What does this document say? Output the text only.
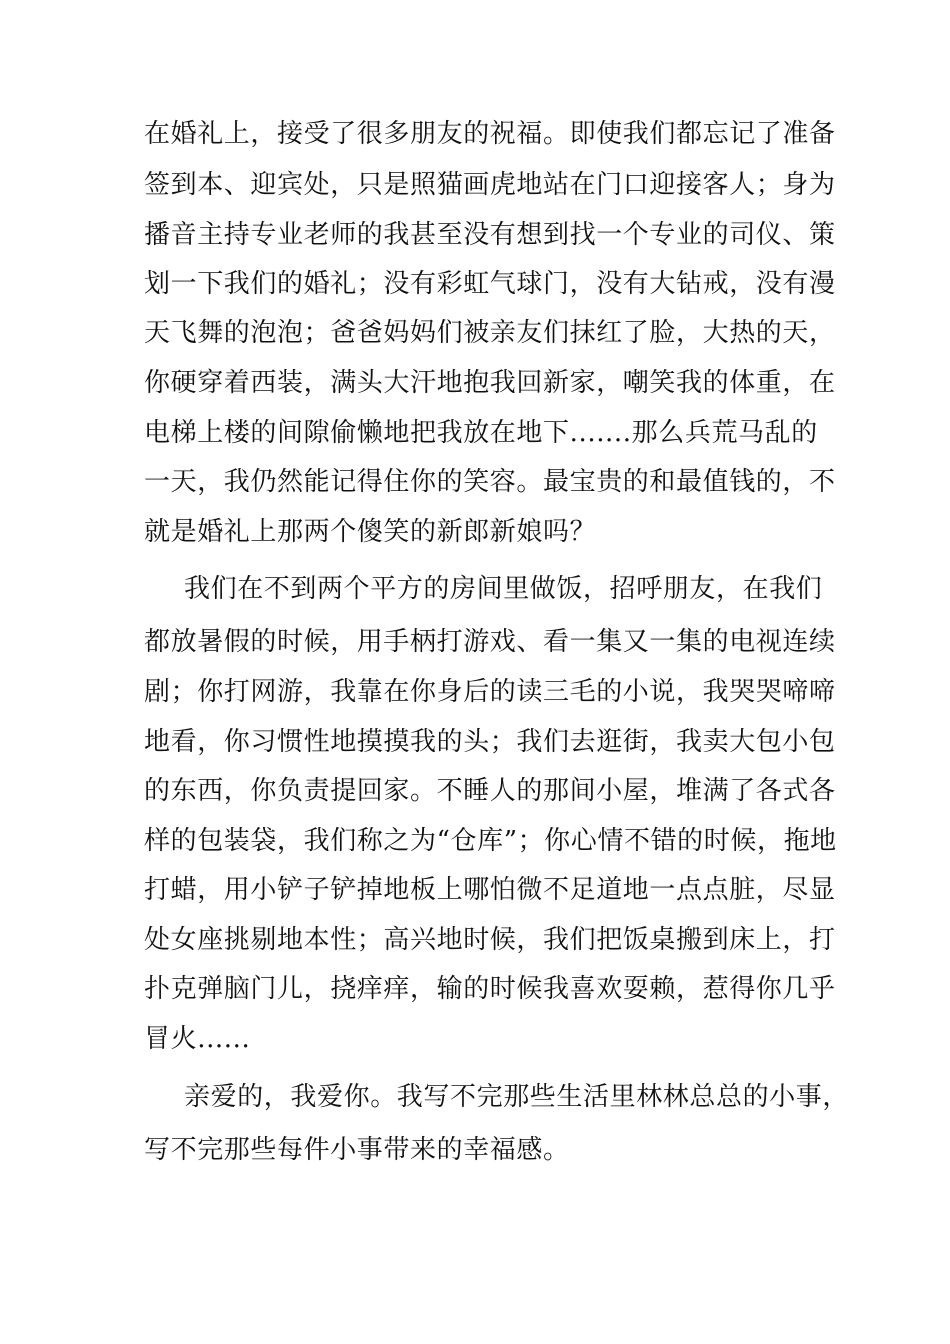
在婚礼上，接受了很多朋友的祝福。即使我们都忘记了准备
签到本、迎宾处，只是照猫画虎地站在门口迎接客人；身为
播音主持专业老师的我甚至没有想到找一个专业的司仪、策
划一下我们的婚礼；没有彩虹气球门，没有大钻戒，没有漫
天飞舞的泡泡；爸爸妈妈们被亲友们抹红了脸，大热的天，
你硬穿着西装，满头大汗地抱我回新家，嘲笑我的体重，在
电梯上楼的间隙偷懒地把我放在地下.......那么兵荒马乱的
一天，我仍然能记得住你的笑容。最宝贵的和最值钱的，不
就是婚礼上那两个傻笑的新郎新娘吗？
我们在不到两个平方的房间里做饭，招呼朋友，在我们
都放暑假的时候，用手柄打游戏、看一集又一集的电视连续
剧；你打网游，我靠在你身后的读三毛的小说，我哭哭啼啼
地看，你习惯性地摸摸我的头；我们去逛街，我卖大包小包
的东西，你负责提回家。不睡人的那间小屋，堆满了各式各
样的包装袋，我们称之为“仓库”；你心情不错的时候，拖地
打蜡，用小铲子铲掉地板上哪怕微不足道地一点点脏，尽显
处女座挑剔地本性；高兴地时候，我们把饭桌搬到床上，打
扑克弹脑门儿，挠痒痒，输的时候我喜欢耍赖，惹得你几乎
冒火......
亲爱的，我爱你。我写不完那些生活里林林总总的小事，
写不完那些每件小事带来的幸福感。
